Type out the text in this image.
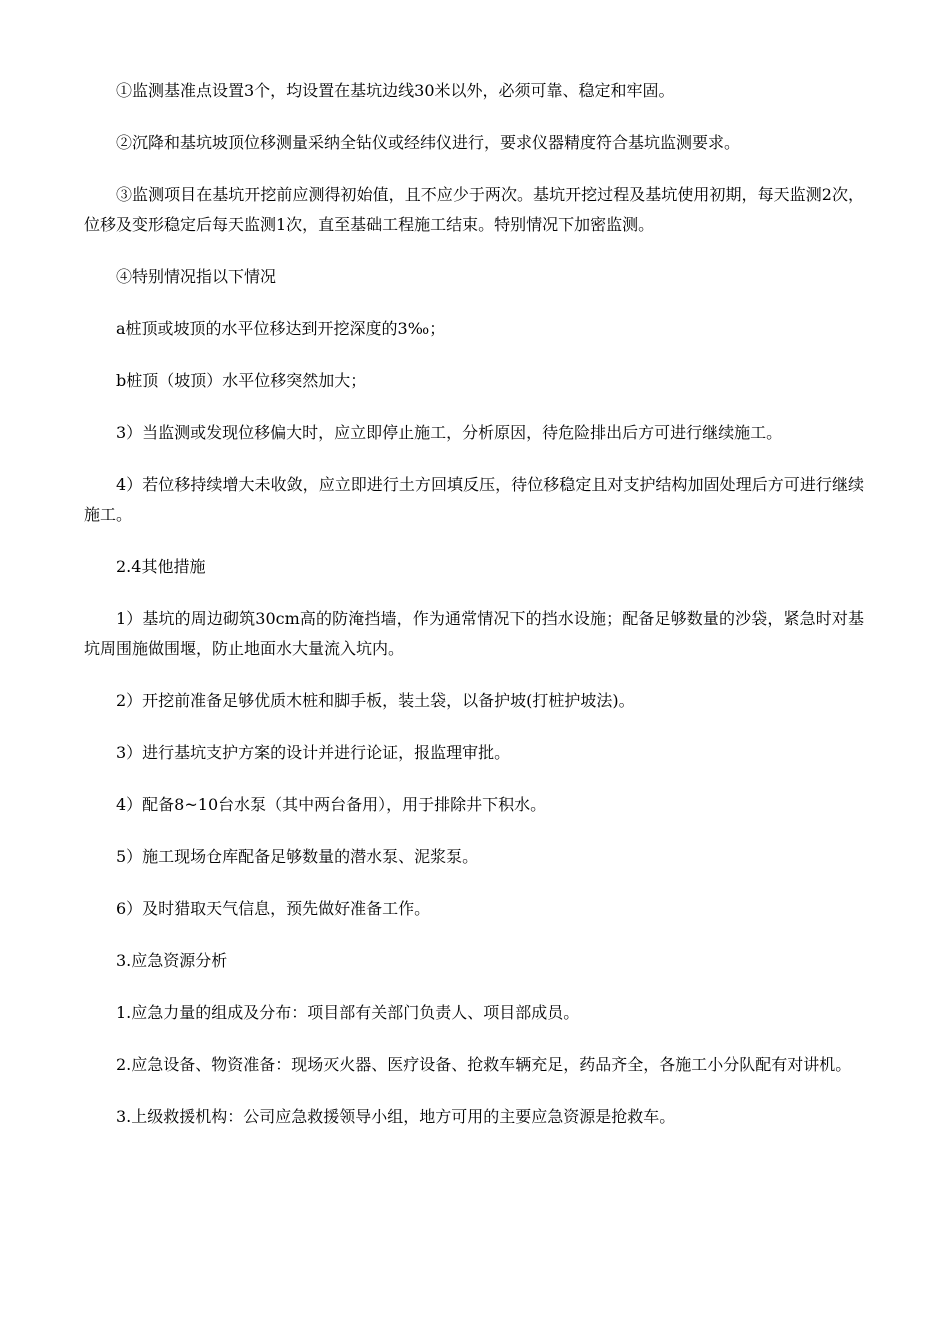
①监测基准点设置3个，均设置在基坑边线30米以外，必须可靠、稳定和牢固。

②沉降和基坑坡顶位移测量采纳全钻仪或经纬仪进行，要求仪器精度符合基坑监测要求。

③监测项目在基坑开挖前应测得初始值，且不应少于两次。基坑开挖过程及基坑使用初期，每天监测2次，位移及变形稳定后每天监测1次，直至基础工程施工结束。特别情况下加密监测。

④特别情况指以下情况

a桩顶或坡顶的水平位移达到开挖深度的3‰；

b桩顶（坡顶）水平位移突然加大；

3）当监测或发现位移偏大时，应立即停止施工，分析原因，待危险排出后方可进行继续施工。

4）若位移持续增大未收敛，应立即进行土方回填反压，待位移稳定且对支护结构加固处理后方可进行继续施工。

2.4其他措施

1）基坑的周边砌筑30cm高的防淹挡墙，作为通常情况下的挡水设施；配备足够数量的沙袋，紧急时对基坑周围施做围堰，防止地面水大量流入坑内。

2）开挖前准备足够优质木桩和脚手板，装土袋，以备护坡(打桩护坡法)。

3）进行基坑支护方案的设计并进行论证，报监理审批。

4）配备8~10台水泵（其中两台备用），用于排除井下积水。

5）施工现场仓库配备足够数量的潜水泵、泥浆泵。

6）及时猎取天气信息，预先做好准备工作。

3.应急资源分析

1.应急力量的组成及分布：项目部有关部门负责人、项目部成员。

2.应急设备、物资准备：现场灭火器、医疗设备、抢救车辆充足，药品齐全，各施工小分队配有对讲机。

3.上级救援机构：公司应急救援领导小组，地方可用的主要应急资源是抢救车。
